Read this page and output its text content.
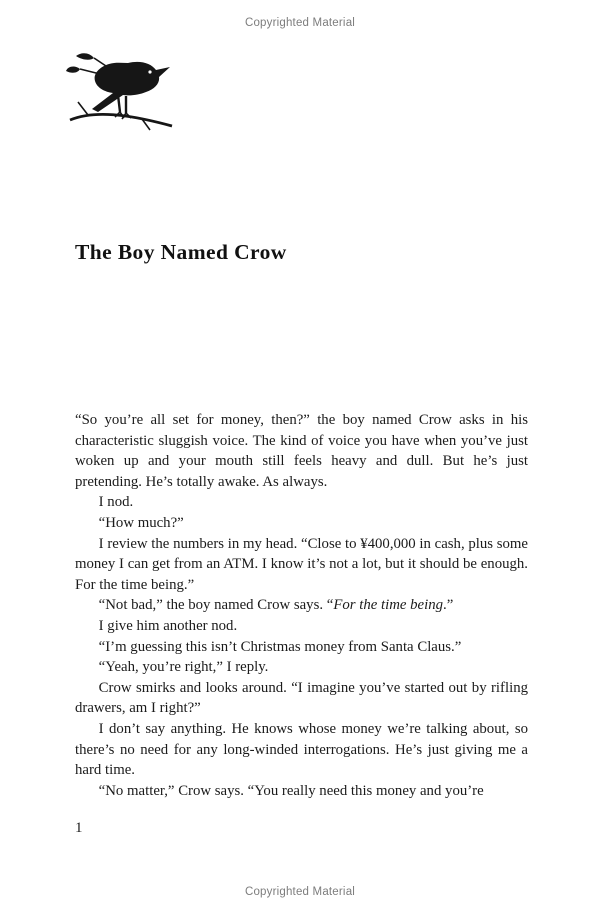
Copyrighted Material
The Boy Named Crow

“So you’re all set for money, then?” the boy named Crow asks in his characteristic sluggish voice. The kind of voice you have when you’ve just woken up and your mouth still feels heavy and dull. But he’s just pretending. He’s totally awake. As always.

I nod.

“How much?”

I review the numbers in my head. “Close to ¥400,000 in cash, plus some money I can get from an ATM. I know it’s not a lot, but it should be enough. For the time being.”

“Not bad,” the boy named Crow says. “For the time being.”

I give him another nod.

“I’m guessing this isn’t Christmas money from Santa Claus.”

“Yeah, you’re right,” I reply.

Crow smirks and looks around. “I imagine you’ve started out by rifling drawers, am I right?”

I don’t say anything. He knows whose money we’re talking about, so there’s no need for any long-winded interrogations. He’s just giving me a hard time.

“No matter,” Crow says. “You really need this money and you’re

1
Copyrighted Material
